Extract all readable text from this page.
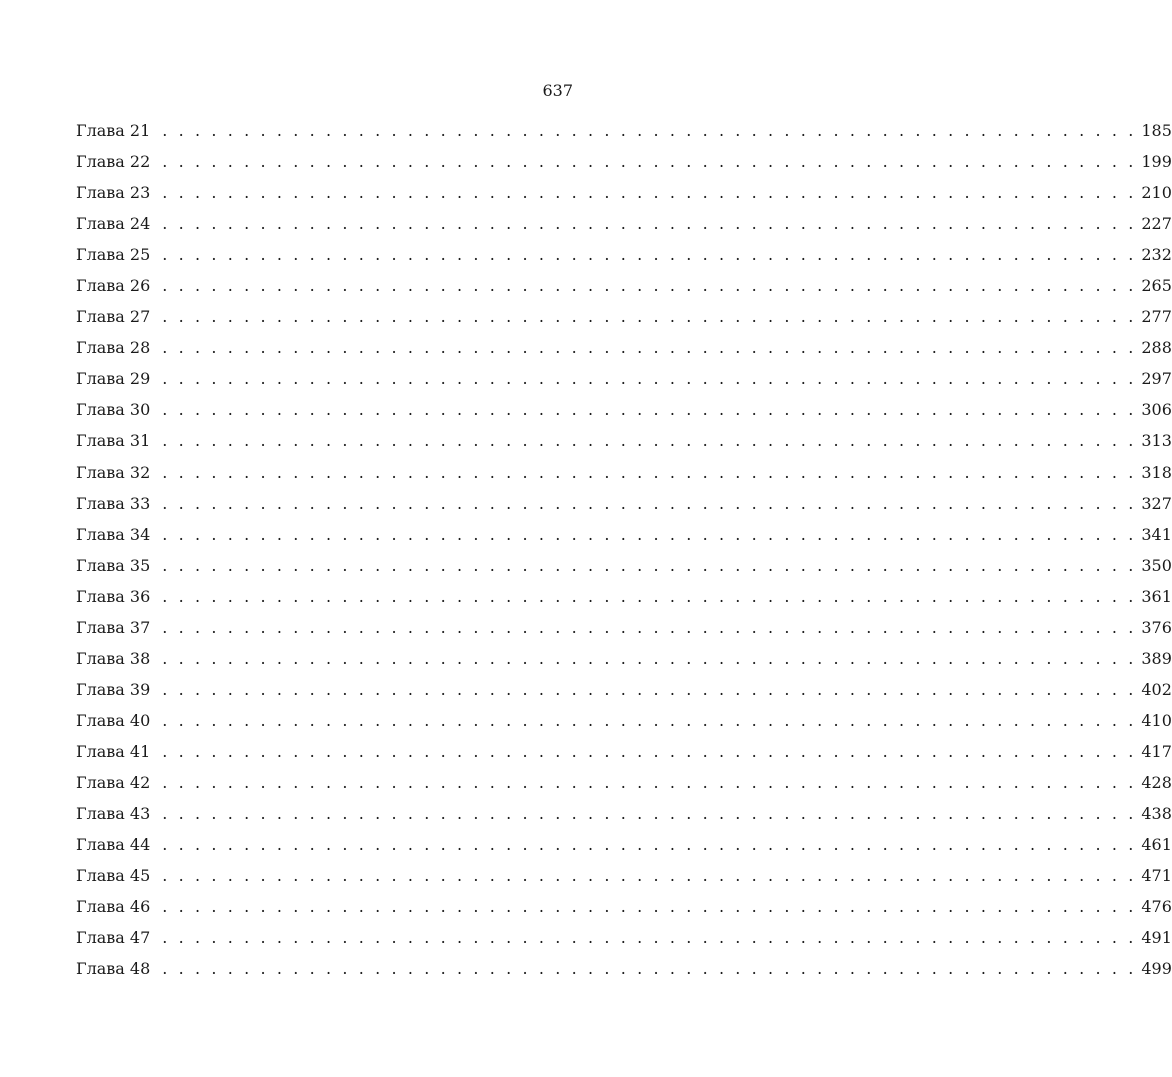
637
Глава 21 . . . . . . . . . . . . . . . . . . . . . . . . . . . . . . . . . . . . . . . . . . . . . . . . . . . . . . . . . . . . 185
Глава 22 . . . . . . . . . . . . . . . . . . . . . . . . . . . . . . . . . . . . . . . . . . . . . . . . . . . . . . . . . . . . 199
Глава 23 . . . . . . . . . . . . . . . . . . . . . . . . . . . . . . . . . . . . . . . . . . . . . . . . . . . . . . . . . . . . 210
Глава 24 . . . . . . . . . . . . . . . . . . . . . . . . . . . . . . . . . . . . . . . . . . . . . . . . . . . . . . . . . . . . 227
Глава 25 . . . . . . . . . . . . . . . . . . . . . . . . . . . . . . . . . . . . . . . . . . . . . . . . . . . . . . . . . . . . 232
Глава 26 . . . . . . . . . . . . . . . . . . . . . . . . . . . . . . . . . . . . . . . . . . . . . . . . . . . . . . . . . . . . 265
Глава 27 . . . . . . . . . . . . . . . . . . . . . . . . . . . . . . . . . . . . . . . . . . . . . . . . . . . . . . . . . . . . 277
Глава 28 . . . . . . . . . . . . . . . . . . . . . . . . . . . . . . . . . . . . . . . . . . . . . . . . . . . . . . . . . . . . 288
Глава 29 . . . . . . . . . . . . . . . . . . . . . . . . . . . . . . . . . . . . . . . . . . . . . . . . . . . . . . . . . . . . 297
Глава 30 . . . . . . . . . . . . . . . . . . . . . . . . . . . . . . . . . . . . . . . . . . . . . . . . . . . . . . . . . . . . 306
Глава 31 . . . . . . . . . . . . . . . . . . . . . . . . . . . . . . . . . . . . . . . . . . . . . . . . . . . . . . . . . . . . 313
Глава 32 . . . . . . . . . . . . . . . . . . . . . . . . . . . . . . . . . . . . . . . . . . . . . . . . . . . . . . . . . . . . 318
Глава 33 . . . . . . . . . . . . . . . . . . . . . . . . . . . . . . . . . . . . . . . . . . . . . . . . . . . . . . . . . . . . 327
Глава 34 . . . . . . . . . . . . . . . . . . . . . . . . . . . . . . . . . . . . . . . . . . . . . . . . . . . . . . . . . . . . 341
Глава 35 . . . . . . . . . . . . . . . . . . . . . . . . . . . . . . . . . . . . . . . . . . . . . . . . . . . . . . . . . . . . 350
Глава 36 . . . . . . . . . . . . . . . . . . . . . . . . . . . . . . . . . . . . . . . . . . . . . . . . . . . . . . . . . . . . 361
Глава 37 . . . . . . . . . . . . . . . . . . . . . . . . . . . . . . . . . . . . . . . . . . . . . . . . . . . . . . . . . . . . 376
Глава 38 . . . . . . . . . . . . . . . . . . . . . . . . . . . . . . . . . . . . . . . . . . . . . . . . . . . . . . . . . . . . 389
Глава 39 . . . . . . . . . . . . . . . . . . . . . . . . . . . . . . . . . . . . . . . . . . . . . . . . . . . . . . . . . . . . 402
Глава 40 . . . . . . . . . . . . . . . . . . . . . . . . . . . . . . . . . . . . . . . . . . . . . . . . . . . . . . . . . . . . 410
Глава 41 . . . . . . . . . . . . . . . . . . . . . . . . . . . . . . . . . . . . . . . . . . . . . . . . . . . . . . . . . . . . 417
Глава 42 . . . . . . . . . . . . . . . . . . . . . . . . . . . . . . . . . . . . . . . . . . . . . . . . . . . . . . . . . . . . 428
Глава 43 . . . . . . . . . . . . . . . . . . . . . . . . . . . . . . . . . . . . . . . . . . . . . . . . . . . . . . . . . . . . 438
Глава 44 . . . . . . . . . . . . . . . . . . . . . . . . . . . . . . . . . . . . . . . . . . . . . . . . . . . . . . . . . . . . 461
Глава 45 . . . . . . . . . . . . . . . . . . . . . . . . . . . . . . . . . . . . . . . . . . . . . . . . . . . . . . . . . . . . 471
Глава 46 . . . . . . . . . . . . . . . . . . . . . . . . . . . . . . . . . . . . . . . . . . . . . . . . . . . . . . . . . . . . 476
Глава 47 . . . . . . . . . . . . . . . . . . . . . . . . . . . . . . . . . . . . . . . . . . . . . . . . . . . . . . . . . . . . 491
Глава 48 . . . . . . . . . . . . . . . . . . . . . . . . . . . . . . . . . . . . . . . . . . . . . . . . . . . . . . . . . . . . 499
